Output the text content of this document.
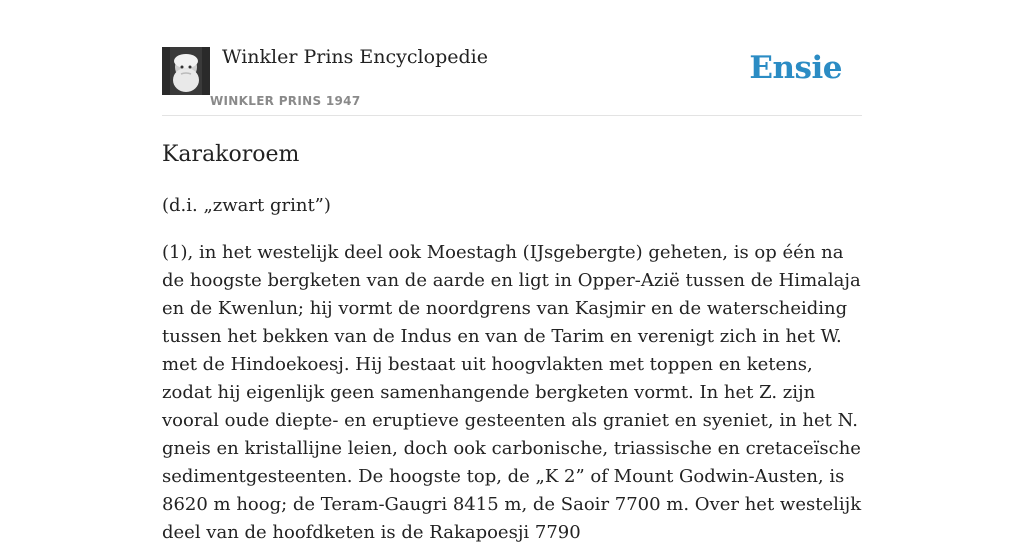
Winkler Prins Encyclopedie
WINKLER PRINS 1947
Ensie
Karakoroem

(d.i. „zwart grint”)

(1), in het westelijk deel ook Moestagh (IJsgebergte) geheten, is op één na de hoogste bergketen van de aarde en ligt in Opper-Azië tussen de Himalaja en de Kwenlun; hij vormt de noordgrens van Kasjmir en de waterscheiding tussen het bekken van de Indus en van de Tarim en verenigt zich in het W. met de Hindoekoesj. Hij bestaat uit hoogvlakten met toppen en ketens, zodat hij eigenlijk geen samenhangende bergketen vormt. In het Z. zijn vooral oude diepte- en eruptieve gesteenten als graniet en syeniet, in het N. gneis en kristallijne leien, doch ook carbonische, triassische en cretaceïsche sedimentgesteenten. De hoogste top, de „K 2” of Mount Godwin-Austen, is 8620 m hoog; de Teram-Gaugri 8415 m, de Saoir 7700 m. Over het westelijk deel van de hoofdketen is de Rakapoesji 7790
